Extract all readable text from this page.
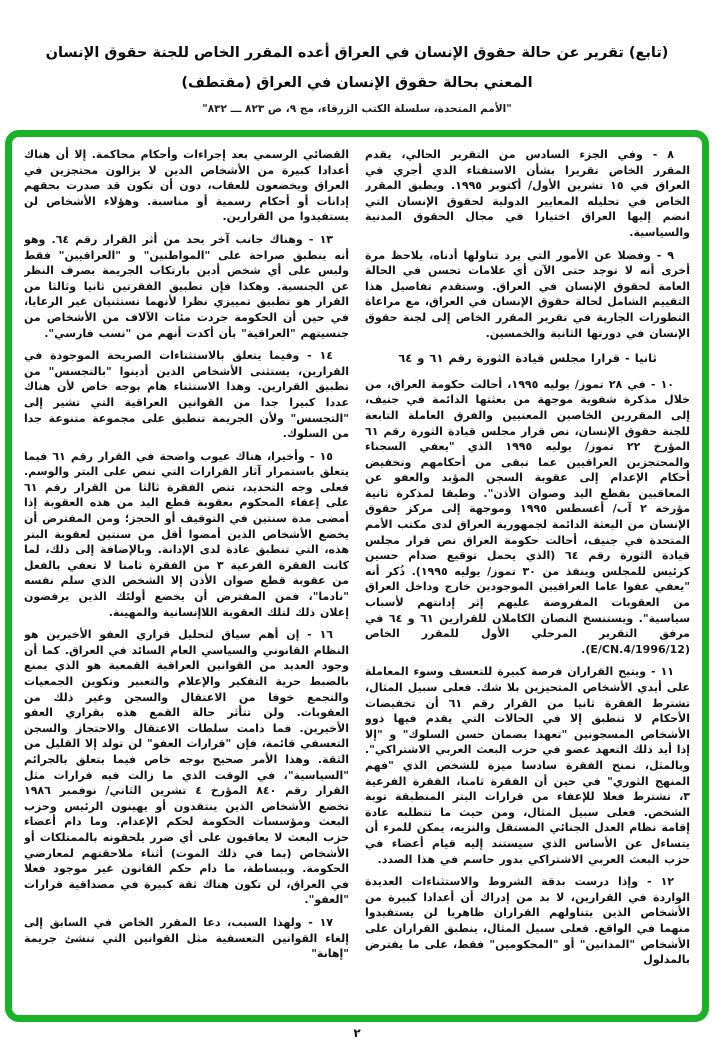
(تابع) تقرير عن حالة حقوق الإنسان في العراق أعده المقرر الخاص للجنة حقوق الإنسان
المعني بحالة حقوق الإنسان في العراق (مقتطف)
"الأمم المتحدة، سلسلة الكتب الزرقاء، مج ٩، ص ٨٢٣ ـــ ٨٣٢"

٨ - وفي الجزء السادس من التقرير الحالي، يقدم المقرر الخاص تقريرا بشأن الاستفتاء الذي أجري في العراق في ١٥ تشرين الأول/ أكتوبر ١٩٩٥. ويطبق المقرر الخاص في تحليله المعايير الدولية لحقوق الإنسان التي انضم إليها العراق اختيارا في مجال الحقوق المدنية والسياسية.

٩ - وفضلا عن الأمور التي يرد تناولها أدناه، يلاحظ مرة أخرى أنه لا توجد حتى الآن أي علامات تحسن في الحالة العامة لحقوق الإنسان في العراق. وستقدم تفاصيل هذا التقييم الشامل لحالة حقوق الإنسان في العراق، مع مراعاة التطورات الجارية في تقرير المقرر الخاص إلى لجنة حقوق الإنسان في دورتها الثانية والخمسين.

ثانيا - قرارا مجلس قيادة الثورة رقم ٦١ و ٦٤

١٠ - في ٢٨ تموز/ يوليه ١٩٩٥، أحالت حكومة العراق، من خلال مذكرة شفوية موجهة من بعثتها الدائمة في جنيف، إلى المقررين الخاصين المعنيين والفرق العاملة التابعة للجنة حقوق الإنسان، نص قرار مجلس قيادة الثورة رقم ٦١ المؤرخ ٢٢ تموز/ يوليه ١٩٩٥ الذي "يعفي السجناء والمحتجزين العراقيين عما تبقى من أحكامهم وتخفيض أحكام الإعدام إلى عقوبة السجن المؤبد والعفو عن المعاقبين بقطع اليد وصوان الأذن". وطبقا لمذكرة ثانية مؤرخة ٢ آب/ أغسطس ١٩٩٥ وموجهة إلى مركز حقوق الإنسان من البعثة الدائمة لجمهورية العراق لدى مكتب الأمم المتحدة في جنيف، أحالت حكومة العراق نص قرار مجلس قيادة الثورة رقم ٦٤ (الذي يحمل توقيع صدام حسين كرئيس للمجلس وينفذ من ٣٠ تموز/ يوليه ١٩٩٥). ذُكر أنه "يعفي عفوا عاما العراقيين الموجودين خارج وداخل العراق من العقوبات المفروضة عليهم إثر إدانتهم لأسباب سياسية". ويستنسخ النصان الكاملان للقرارين ٦١ و ٦٤ في مرفق التقرير المرحلي الأول للمقرر الخاص (E/CN.4/1996/12).

١١ - ويتيح القراران فرصة كبيرة للتعسف وسوء المعاملة على أيدي الأشخاص المتحيزين بلا شك. فعلى سبيل المثال، تشترط الفقرة ثانيا من القرار رقم ٦١ أن تخفيضات الأحكام لا تنطبق إلا في الحالات التي يقدم فيها ذوو الأشخاص المسجونين "تعهدا بضمان حسن السلوك" و "إلا إذا أيد ذلك التعهد عضو في حزب البعث العربي الاشتراكي". وبالمثل، تمنح الفقرة سادسا ميزة للشخص الذي "فهم المنهج الثوري" في حين أن الفقرة ثامنا، الفقرة الفرعية ٣، تشترط فعلا للإعفاء من قرارات البتر المنطبقة توبة الشخص. فعلى سبيل المثال، ومن حيث ما تتطلبه عادة إقامة نظام العدل الجنائي المستقل والنزيه، يمكن للمرء أن يتساءل عن الأساس الذي سيستند إليه قيام أعضاء في حزب البعث العربي الاشتراكي بدور حاسم في هذا الصدد.

١٢ - وإذا درست بدقة الشروط والاستثناءات العديدة الواردة في القرارين، لا بد من إدراك أن أعدادا كبيرة من الأشخاص الذين يتناولهم القراران ظاهريا لن يستفيدوا منهما في الواقع. فعلى سبيل المثال، ينطبق القراران على الأشخاص "المدانين" أو "المحكومين" فقط، على ما يفترض بالمدلول

القضائي الرسمي بعد إجراءات وأحكام محاكمة. إلا أن هناك أعدادا كبيرة من الأشخاص الذين لا يزالون محتجزين في العراق ويخضعون للعقاب، دون أن تكون قد صدرت بحقهم إدانات أو أحكام رسمية أو مناسبة. وهؤلاء الأشخاص لن يستفيدوا من القرارين.

١٣ - وهناك جانب آخر يحد من أثر القرار رقم ٦٤. وهو أنه ينطبق صراحة على "المواطنين" و "العراقيين" فقط وليس على أي شخص أدين بارتكاب الجريمة بصرف النظر عن الجنسية. وهكذا فإن تطبيق الفقرتين ثانيا وثالثا من القرار هو تطبيق تمييزي نظرا لأنهما تستثنيان غير الرعايا، في حين أن الحكومة جردت مئات الآلاف من الأشخاص من جنسيتهم "العراقية" بأن أكدت أنهم من "نسب فارسي".

١٤ - وفيما يتعلق بالاستثناءات الصريحة الموجودة في القرارين، يستثنى الأشخاص الذين أدينوا "بالتجسس" من تطبيق القرارين. وهذا الاستثناء هام بوجه خاص لأن هناك عددا كبيرا جدا من القوانين العراقية التي تشير إلى "التجسس" ولأن الجريمة تنطبق على مجموعة متنوعة جدا من السلوك.

١٥ - وأخيرا، هناك عيوب واضحة في القرار رقم ٦١ فيما يتعلق باستمرار آثار القرارات التي تنص على البتر والوسم. فعلى وجه التحديد، تنص الفقرة ثالثا من القرار رقم ٦١ على إعفاء المحكوم بعقوبة قطع اليد من هذه العقوبة إذا أمضى مدة سنتين في التوقيف أو الحجز؛ ومن المفترض أن يخضع الأشخاص الذين أمضوا أقل من سنتين لعقوبة البتر هذه، التي تنطبق عادة لدى الإدانة. وبالإضافة إلى ذلك، لما كانت الفقرة الفرعية ٣ من الفقرة ثامنا لا تعفي بالفعل من عقوبة قطع صوان الأذن إلا الشخص الذي سلم نفسه "نادما"، فمن المفترض أن يخضع أولئك الذين يرفضون إعلان ذلك لتلك العقوبة اللاإنسانية والمهينة.

١٦ - إن أهم سياق لتحليل قراري العفو الأخيرين هو النظام القانوني والسياسي العام السائد في العراق. كما أن وجود العديد من القوانين العراقية القمعية هو الذي يمنع بالضبط حرية التفكير والإعلام والتعبير وتكوين الجمعيات والتجمع خوفا من الاعتقال والسجن وغير ذلك من العقوبات. ولن تتأثر حالة القمع هذه بقراري العفو الأخيرين. فما دامت سلطات الاعتقال والاحتجاز والسجن التعسفي قائمة، فإن "قرارات العفو" لن تولد إلا القليل من الثقة. وهذا الأمر صحيح بوجه خاص فيما يتعلق بالجرائم "السياسية"، في الوقت الذي ما زالت فيه قرارات مثل القرار رقم ٨٤٠ المؤرخ ٤ تشرين الثاني/ نوفمبر ١٩٨٦ تخضع الأشخاص الذين ينتقدون أو يهينون الرئيس وحزب البعث ومؤسسات الحكومة لحكم الإعدام. وما دام أعضاء حزب البعث لا يعاقبون على أي ضرر يلحقونه بالممتلكات أو الأشخاص (بما في ذلك الموت) أثناء ملاحقتهم لمعارضي الحكومة. وببساطة، ما دام حكم القانون غير موجود فعلا في العراق، لن تكون هناك ثقة كبيرة في مصداقية قرارات "العفو".

١٧ - ولهذا السبب، دعا المقرر الخاص في السابق إلى إلغاء القوانين التعسفية مثل القوانين التي تنشئ جريمة "إهانة"

٢
